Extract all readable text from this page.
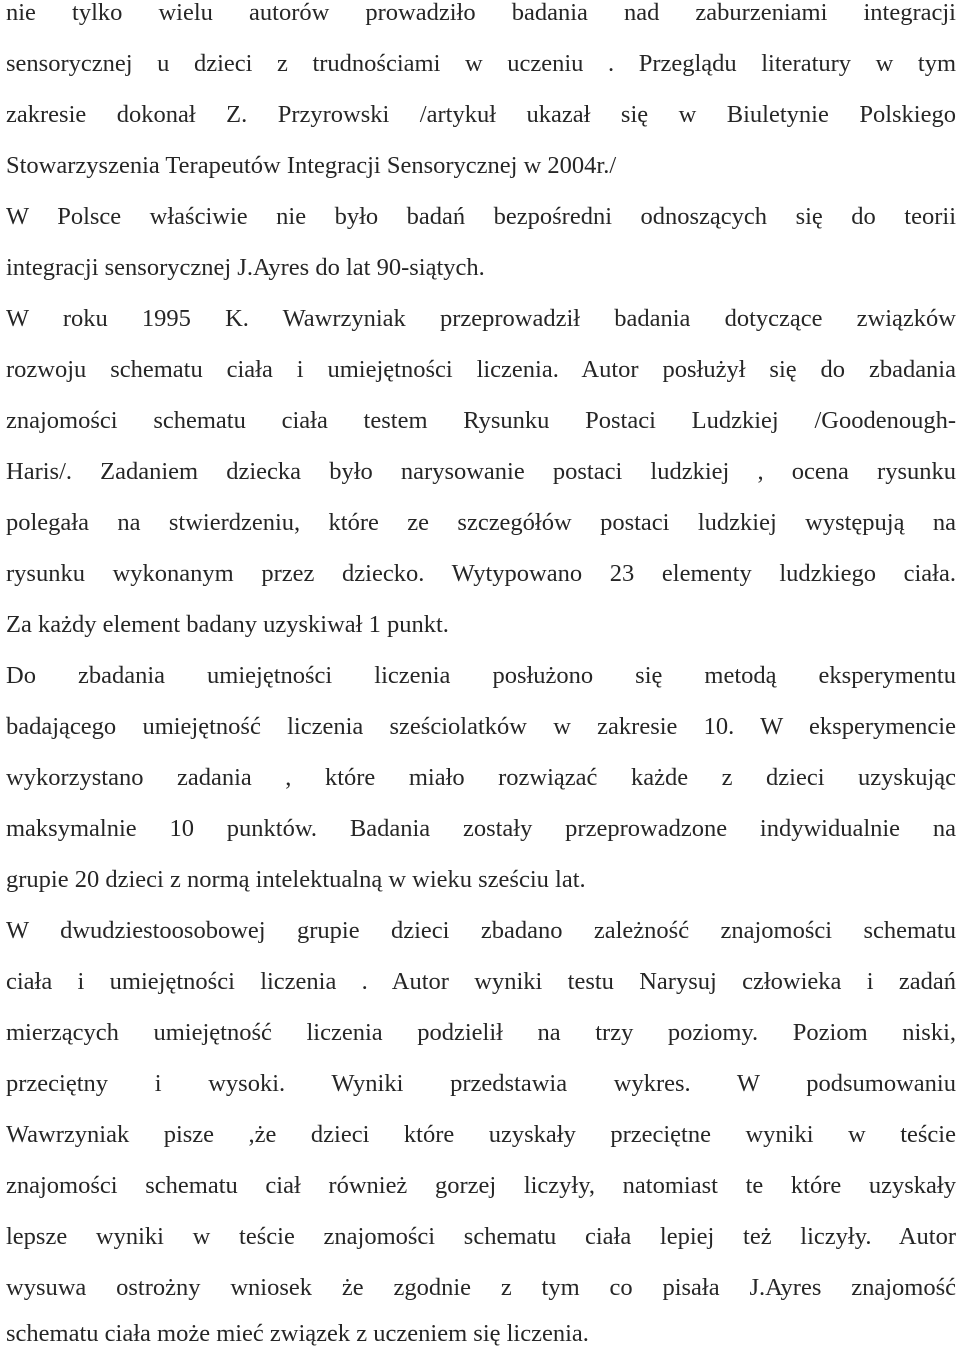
nie tylko wielu autorów prowadziło badania nad zaburzeniami integracji
sensorycznej u dzieci z trudnościami w uczeniu . Przeglądu literatury w tym
zakresie dokonał Z. Przyrowski /artykuł ukazał się w Biuletynie Polskiego
Stowarzyszenia Terapeutów Integracji Sensorycznej w 2004r./
W Polsce właściwie nie było badań bezpośredni odnoszących się do teorii
integracji sensorycznej J.Ayres do lat 90-siątych.
W roku 1995 K. Wawrzyniak przeprowadził badania dotyczące związków
rozwoju schematu ciała i umiejętności liczenia. Autor posłużył się do zbadania
znajomości schematu ciała testem Rysunku Postaci Ludzkiej /Goodenough-
Haris/. Zadaniem dziecka było narysowanie postaci ludzkiej , ocena rysunku
polegała na stwierdzeniu, które ze szczegółów postaci ludzkiej występują na
rysunku wykonanym przez dziecko. Wytypowano 23 elementy ludzkiego ciała.
Za każdy element badany uzyskiwał 1 punkt.
Do zbadania umiejętności liczenia posłużono się metodą eksperymentu
badającego umiejętność liczenia sześciolatków w zakresie 10. W eksperymencie
wykorzystano zadania , które miało rozwiązać każde z dzieci uzyskując
maksymalnie 10 punktów. Badania zostały przeprowadzone indywidualnie na
grupie 20 dzieci z normą intelektualną w wieku sześciu lat.
W dwudziestoosobowej grupie dzieci zbadano zależność znajomości schematu
ciała i umiejętności liczenia . Autor wyniki testu Narysuj człowieka i zadań
mierzących umiejętność liczenia podzielił na trzy poziomy. Poziom niski,
przeciętny i wysoki. Wyniki przedstawia wykres. W podsumowaniu
Wawrzyniak pisze ,że dzieci które uzyskały przeciętne wyniki w teście
znajomości schematu ciał również gorzej liczyły, natomiast te które uzyskały
lepsze wyniki w teście znajomości schematu ciała lepiej też liczyły. Autor
wysuwa ostrożny wniosek że zgodnie z tym co pisała J.Ayres znajomość
schematu ciała może mieć związek z uczeniem się liczenia.
